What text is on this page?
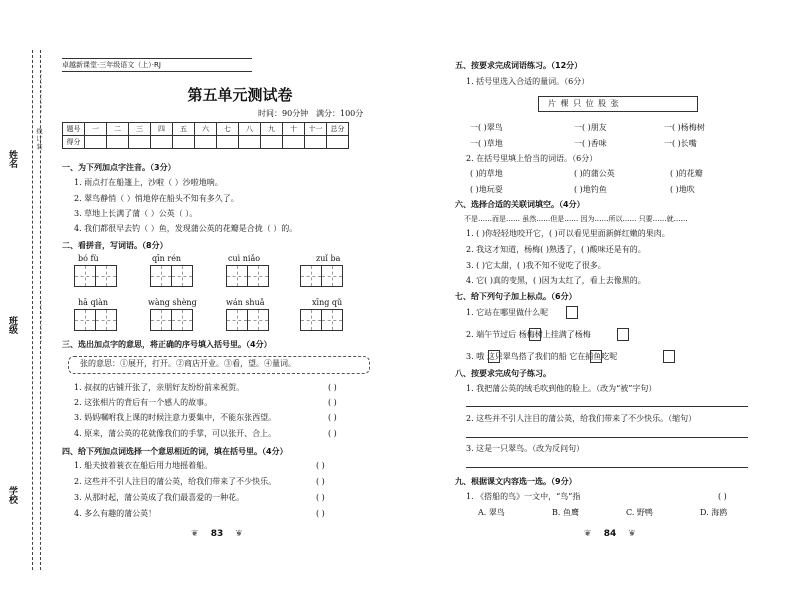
姓名
班级
学校
。。。。。。。。。。。
。。。。。。。。。。。
线 订 装
卓越新课堂·三年级语文（上）·RJ
第五单元测试卷
时间：90分钟 满分：100分
题号	一	二	三	四	五	六	七	八	九	十	十一	总分
得分												
一、为下列加点字注音。（3分）
1. 雨点打在船篷上，沙啦（ ）沙啦地响。
2. 翠鸟静悄（ ）悄地停在船头不知有多久了。
3. 草地上长满了蒲（ ）公英（ ）。
4. 我们都很早去钓（ ）鱼，发现蒲公英的花瓣是合拢（ ）的。
二、看拼音，写词语。（8分）
bó fù	qīn rén	cuì niǎo	zuǐ ba
hā qiàn	wàng shèng	wán shuǎ	xīng qǔ
三、选出加点字的意思，将正确的序号填入括号里。（4分）
张的意思：①展开，打开。②商店开业。③看，望。④量词。
1. 叔叔的店铺开张了，亲朋好友纷纷前来祝贺。
2. 这张相片的背后有一个感人的故事。
3. 妈妈嘱咐我上课的时候注意力要集中，不能东张西望。
4. 原来，蒲公英的花就像我们的手掌，可以张开、合上。
( )
( )
( )
( )
四、给下列加点词选择一个意思相近的词，填在括号里。（4分）
1. 船夫披着蓑衣在船后用力地摇着船。
2. 这些并不引人注目的蒲公英，给我们带来了不少快乐。
3. 从那时起，蒲公英成了我们最喜爱的一种花。
4. 多么有趣的蒲公英！
( )
( )
( )
( )
❦ 83 ❦
五、按要求完成词语练习。（12分）
1. 括号里选入合适的量词。（6分）
片 棵 只 位 股 张
一( )翠鸟	一( )朋友	一( )杨梅树
一( )草地	一( )香味	一( )长嘴
2. 在括号里填上恰当的词语。（6分）
( )的草地	( )的蒲公英	( )的花瓣
( )地玩耍	( )地钓鱼	( )地吹
六、选择合适的关联词填空。（4分）
不是……而是…… 虽然……但是…… 因为……所以…… 只要……就……
1. ( )你轻轻地咬开它，( )可以看见里面新鲜红嫩的果肉。
2. 我这才知道，杨梅( )熟透了，( )酸味还是有的。
3. ( )它太甜，( )我不知不觉吃了很多。
4. 它( )真的变黑，( )因为太红了，看上去像黑的。
七、给下列句子加上标点。（6分）
1. 它站在哪里做什么呢
2. 端午节过后 杨梅树上挂满了杨梅
3. 哦 这只翠鸟搭了我们的船 它在捕鱼吃呢
八、按要求完成句子练习。
1. 我把蒲公英的绒毛吹到他的脸上。（改为“被”字句）
2. 这些并不引人注目的蒲公英，给我们带来了不少快乐。（缩句）
3. 这是一只翠鸟。（改为反问句）
九、根据课文内容选一选。（9分）
1. 《搭船的鸟》一文中，“鸟”指	( )
A. 翠鸟	B. 鱼鹰	C. 野鸭	D. 海鸥
❦ 84 ❦
